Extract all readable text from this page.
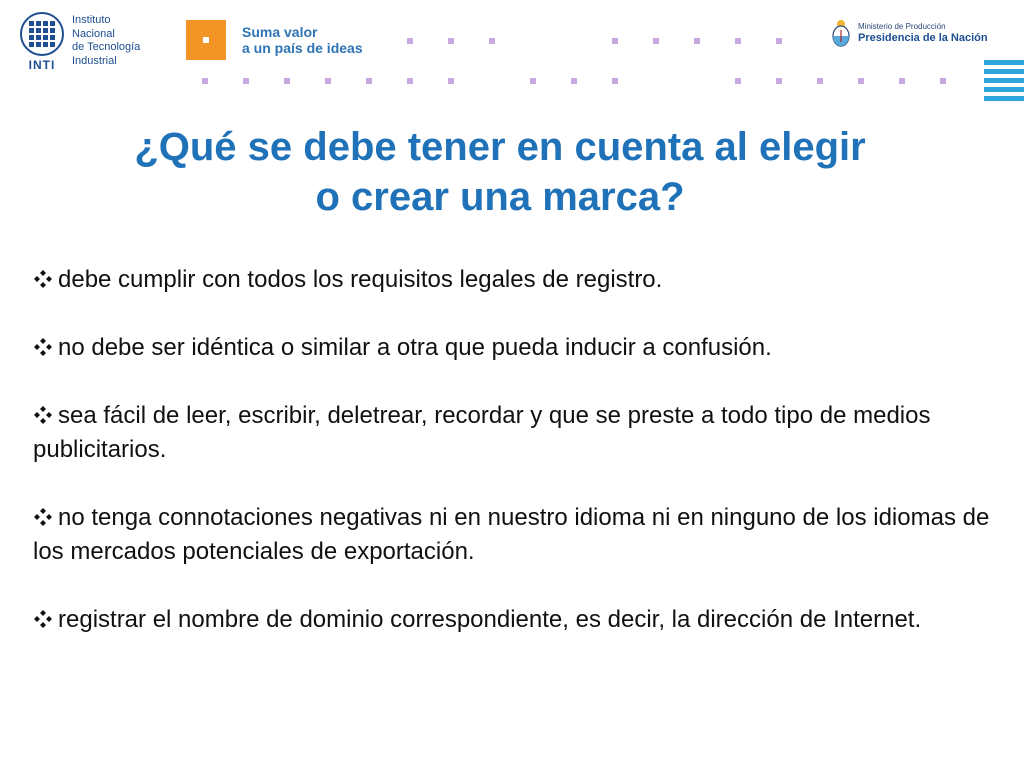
INTI
Instituto
Nacional
de Tecnología
Industrial
Suma valor
a un país de ideas
Ministerio de Producción
Presidencia de la Nación
¿Qué se debe tener en cuenta al elegir
o crear una marca?
debe cumplir con todos los requisitos legales de registro.
no debe ser idéntica o similar a otra que pueda inducir a confusión.
sea fácil de leer, escribir, deletrear, recordar y que se preste a todo tipo de medios publicitarios.
no tenga connotaciones negativas ni en nuestro idioma ni en ninguno de los idiomas de los mercados potenciales de exportación.
registrar el nombre de dominio correspondiente, es decir, la dirección de Internet.
